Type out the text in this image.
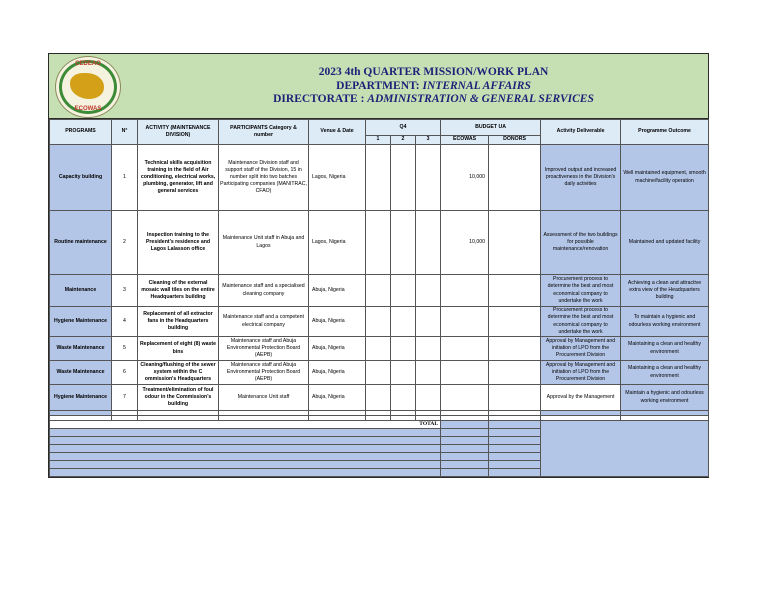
CEDEAO
ECOWAS
2023 4th QUARTER MISSION/WORK PLAN
DEPARTMENT: INTERNAL AFFAIRS
DIRECTORATE : ADMINISTRATION & GENERAL SERVICES
PROGRAMS	N°	ACTIVITY (MAINTENANCE DIVISION)	PARTICIPANTS Category & number	Venue & Date	Q4			BUDGET UA		Activity Deliverable	Programme Outcome
					1	2	3	ECOWAS	DONORS		
Capacity building	1	Technical skills acquisition training in the field of Air conditioning, electrical works, plumbing, generator, lift and general services	Maintenance Division staff and support staff of the Division, 15 in number split into two batches Participating companies (MANITRAC, CFAO)	Lagos, Nigeria				10,000		Improved output and increased proactiveness in the Division's daily activities	Well maintained equipment, smooth machine/facility operation
Routine maintenance	2	Inspection training to the President's residence and Lagos Lalasson office	Maintenance Unit staff in Abuja and Lagos	Lagos, Nigeria				10,000		Assessment of the two buildings for possible maintenance/renovation	Maintained and updated facility
Maintenance	3	Cleaning of the external mosaic wall tiles on the entire Headquarters building	Maintenance staff and a specialised cleaning company	Abuja, Nigeria						Procurement process to determine the best and most economical company to undertake the work	Achieving a clean and attractive extra view of the Headquarters building
Hygiene Maintenance	4	Replacement of all extractor fans in the Headquarters building	Maintenance staff and a competent electrical company	Abuja, Nigeria						Procurement process to determine the best and most economical company to undertake the work	To maintain a hygienic and odourless working environment
Waste Maintenance	5	Replacement of eight (8) waste bins	Maintenance staff and Abuja Environmental Protection Board (AEPB)	Abuja, Nigeria						Approval by Management and initiation of LPO from the Procurement Division	Maintaining a clean and healthy environment
Waste Maintenance	6	Cleaning/flushing of the sewer system within the C ommission's Headquarters	Maintenance staff and Abuja Environmental Protection Board (AEPB)	Abuja, Nigeria						Approval by Management and initiation of LPO from the Procurement Division	Maintaining a clean and healthy environment
Hygiene Maintenance	7	Treatment/elimination of foul odour in the Commission's building	Maintenance Unit staff	Abuja, Nigeria						Approval by the Management	Maintain a hygienic and odourless working environment

TOTAL											
